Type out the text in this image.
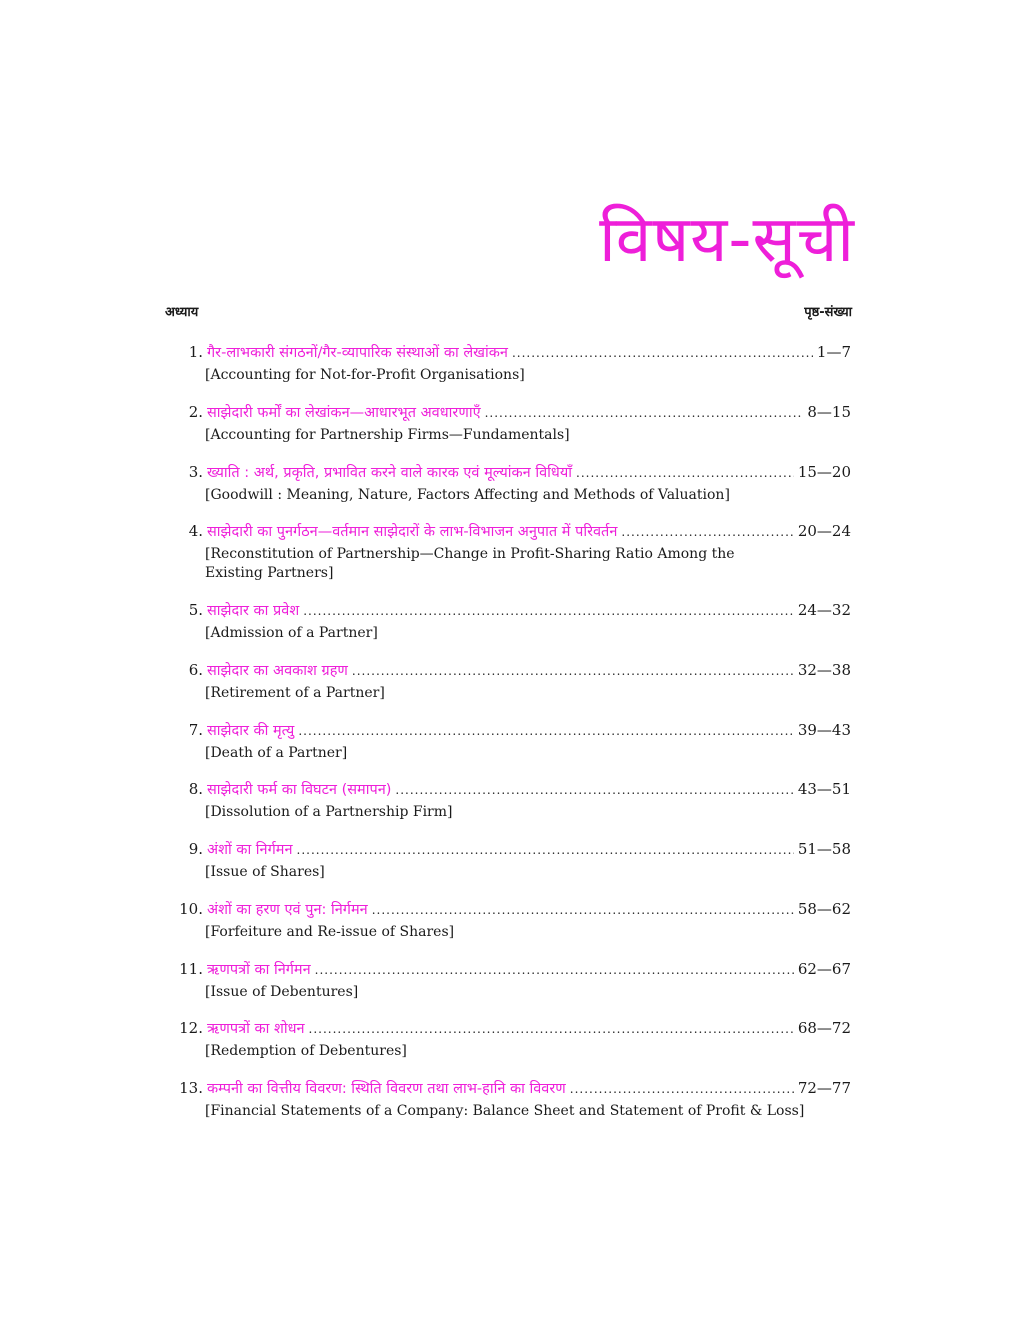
विषय-सूची
अध्याय	पृष्ठ-संख्या
1. गैर-लाभकारी संगठनों/गैर-व्यापारिक संस्थाओं का लेखांकन .....	1—7
[Accounting for Not-for-Profit Organisations]
2. साझेदारी फर्मों का लेखांकन—आधारभूत अवधारणाएँ .....	8—15
[Accounting for Partnership Firms—Fundamentals]
3. ख्याति : अर्थ, प्रकृति, प्रभावित करने वाले कारक एवं मूल्यांकन विधियाँ .....	15—20
[Goodwill : Meaning, Nature, Factors Affecting and Methods of Valuation]
4. साझेदारी का पुनर्गठन—वर्तमान साझेदारों के लाभ-विभाजन अनुपात में परिवर्तन .....	20—24
[Reconstitution of Partnership—Change in Profit-Sharing Ratio Among the Existing Partners]
5. साझेदार का प्रवेश .....	24—32
[Admission of a Partner]
6. साझेदार का अवकाश ग्रहण .....	32—38
[Retirement of a Partner]
7. साझेदार की मृत्यु .....	39—43
[Death of a Partner]
8. साझेदारी फर्म का विघटन (समापन) .....	43—51
[Dissolution of a Partnership Firm]
9. अंशों का निर्गमन .....	51—58
[Issue of Shares]
10. अंशों का हरण एवं पुन: निर्गमन .....	58—62
[Forfeiture and Re-issue of Shares]
11. ऋणपत्रों का निर्गमन .....	62—67
[Issue of Debentures]
12. ऋणपत्रों का शोधन .....	68—72
[Redemption of Debentures]
13. कम्पनी का वित्तीय विवरण: स्थिति विवरण तथा लाभ-हानि का विवरण .....	72—77
[Financial Statements of a Company: Balance Sheet and Statement of Profit & Loss]
